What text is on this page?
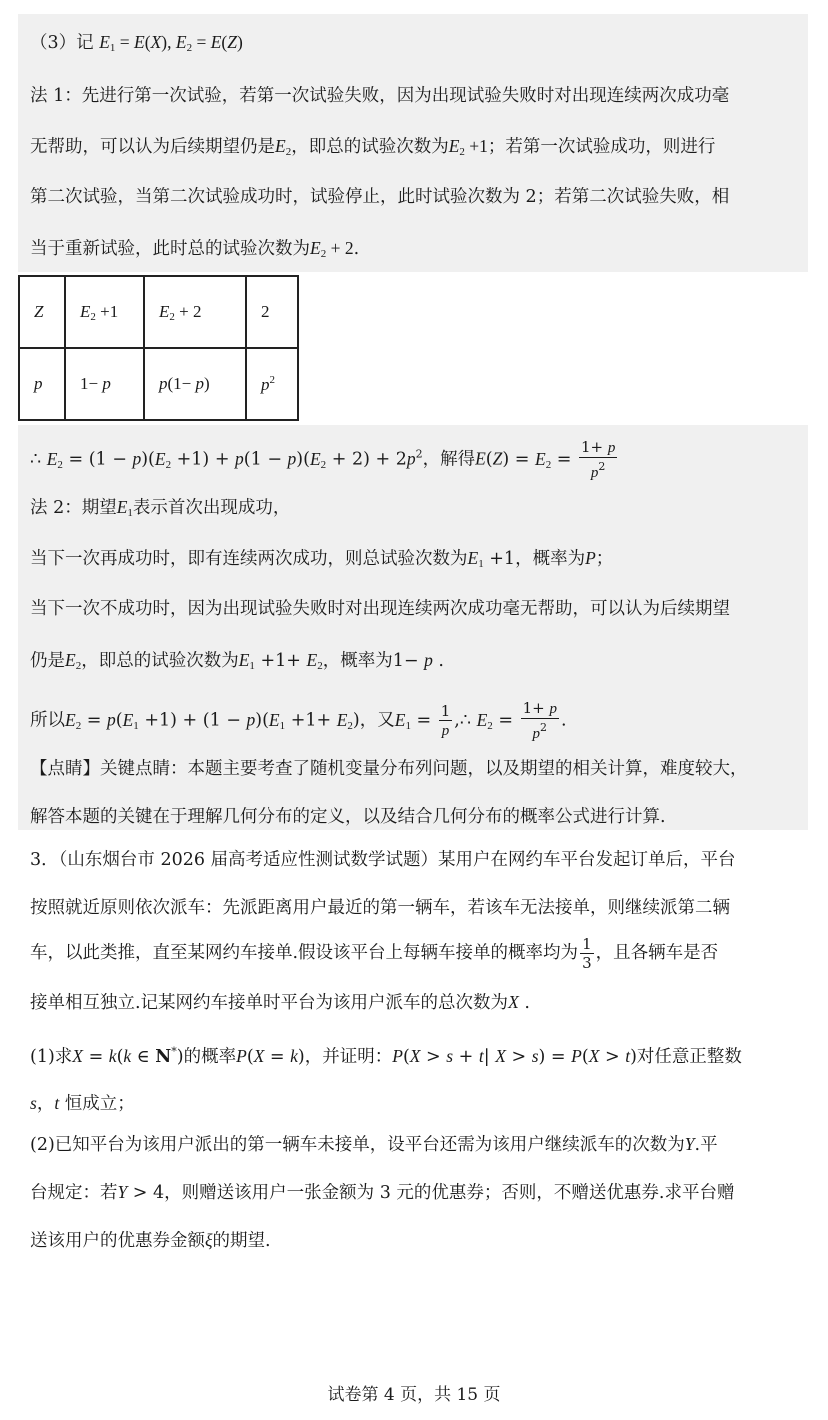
（3）记 $E_1 = E(X)$, $E_2 = E(Z)$
法 1：先进行第一次试验，若第一次试验失败，因为出现试验失败时对出现连续两次成功毫
无帮助，可以认为后续期望仍是$E_2$，即总的试验次数为$E_2 +1$；若第一次试验成功，则进行
第二次试验，当第二次试验成功时，试验停止，此时试验次数为 2；若第二次试验失败，相
当于重新试验，此时总的试验次数为$E_2 + 2$.
Z	$E_2 +1$	$E_2 + 2$	2
p	1− p	p(1− p)	$p^2$
∴ $E_2 = (1 - p)(E_2 +1) + p(1 - p)(E_2 + 2) + 2p^2$，解得$E(Z) = E_2 = \frac{1+ p}{p^2}$
法 2：期望$E_1$表示首次出现成功，
当下一次再成功时，即有连续两次成功，则总试验次数为$E_1 +1$，概率为P；
当下一次不成功时，因为出现试验失败时对出现连续两次成功毫无帮助，可以认为后续期望
仍是$E_2$，即总的试验次数为$E_1 +1+ E_2$，概率为1− p .
所以$E_2 = p(E_1 +1) + (1 - p)(E_1 +1+ E_2)$，又$E_1 = \frac{1}{p}$ ,∴ $E_2 = \frac{1+ p}{p^2}$ .
【点睛】关键点睛：本题主要考查了随机变量分布列问题，以及期望的相关计算，难度较大，
解答本题的关键在于理解几何分布的定义，以及结合几何分布的概率公式进行计算.
3．（山东烟台市 2026 届高考适应性测试数学试题）某用户在网约车平台发起订单后，平台
按照就近原则依次派车：先派距离用户最近的第一辆车，若该车无法接单，则继续派第二辆
车，以此类推，直至某网约车接单.假设该平台上每辆车接单的概率均为 $\frac{1}{3}$ ，且各辆车是否
接单相互独立.记某网约车接单时平台为该用户派车的总次数为X .
(1)求X = k(k ∈ N*)的概率P(X = k)，并证明：P(X > s + t| X > s) = P(X > t)对任意正整数
s，t 恒成立；
(2)已知平台为该用户派出的第一辆车未接单，设平台还需为该用户继续派车的次数为Y.平
台规定：若Y > 4，则赠送该用户一张金额为 3 元的优惠券；否则，不赠送优惠券.求平台赠
送该用户的优惠券金额ξ的期望.
试卷第 4 页，共 15 页
